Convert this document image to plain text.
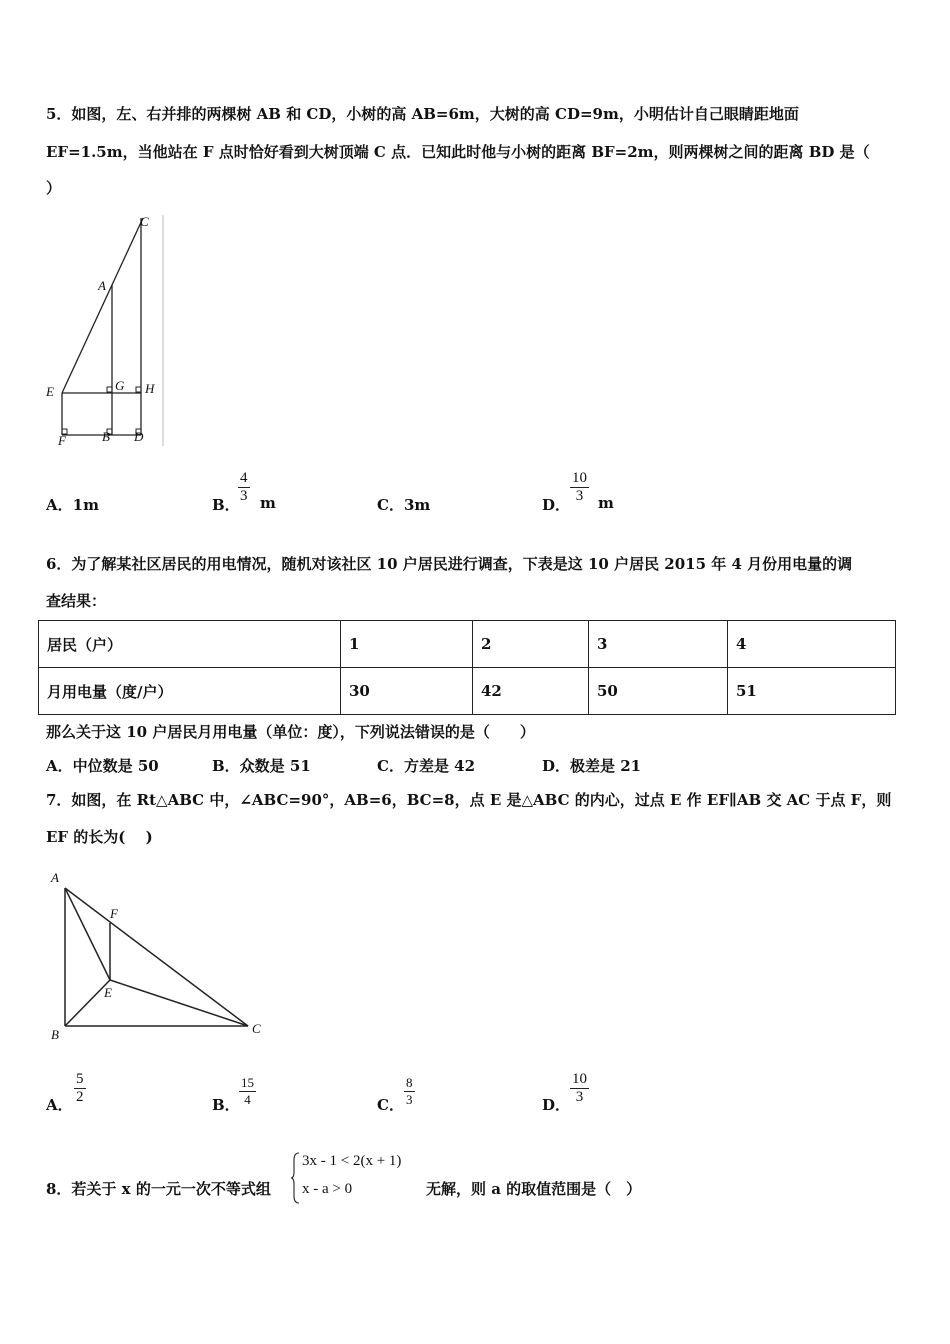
5．如图，左、右并排的两棵树 AB 和 CD，小树的高 AB=6m，大树的高 CD=9m，小明估计自己眼睛距地面
EF=1.5m，当他站在 F 点时恰好看到大树顶端 C 点．已知此时他与小树的距离 BF=2m，则两棵树之间的距离 BD 是（
）
C
A
E	G H
F	B D
A．1m	B．
$\frac{4}{3}$ m	C．3m	D． $\frac{10}{3}$ m
6．为了解某社区居民的用电情况，随机对该社区 10 户居民进行调查，下表是这 10 户居民 2015 年 4 月份用电量的调
查结果：
居民（户）	1	2	3	4
月用电量（度/户）	30	42	50	51
那么关于这 10 户居民月用电量（单位：度），下列说法错误的是（　　）
A．中位数是 50	B．众数是 51	C．方差是 42	D．极差是 21
7．如图，在 Rt△ABC 中，∠ABC=90°，AB=6，BC=8，点 E 是△ABC 的内心，过点 E 作 EF∥AB 交 AC 于点 F，则
EF 的长为(　 )
A
F
E
B	C
A． $\frac{5}{2}$	B． $\frac{15}{4}$	C． $\frac{8}{3}$	D． $\frac{10}{3}$
8．若关于 x 的一元一次不等式组
3x - 1 < 2(x + 1)
x - a > 0	无解，则 a 的取值范围是（　）
